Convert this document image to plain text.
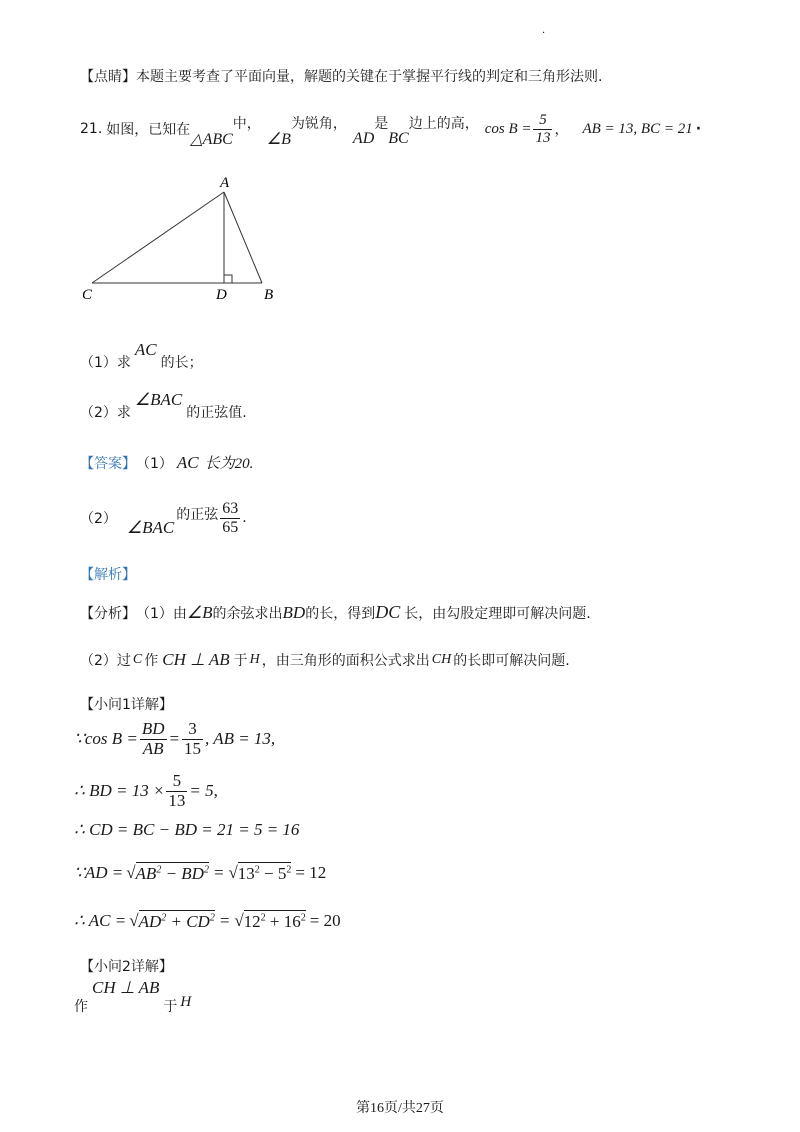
·
【点睛】本题主要考查了平面向量，解题的关键在于掌握平行线的判定和三角形法则.
21. 如图，已知在
△ABC
中，
∠B
为锐角，
AD
是
BC
边上的高， $\cos B = \frac{5}{13}$ ， AB = 13, BC = 21 ·
A
B
C	D
（1）求
AC
的长；
（2）求
∠BAC
的正弦值.
【答案】 （1） AC 长为20.
（2） ∠BAC
的正弦 $\frac{63}{65}$ .
【解析】
【分析】 （1）由 ∠B 的余弦求出 BD 的长，得到 DC 长，由勾股定理即可解决问题.
（2）过 C 作 CH ⊥ AB 于 H ，由三角形的面积公式求出 CH 的长即可解决问题.
【小问1详解】
∵cos $B = \frac{BD}{AB} = \frac{3}{15}$ , AB = 13,
∴ BD = $13 \times \frac{5}{13} = 5$,
∴ CD = BC − BD = 21 = 5 = 16
∵AD = √ $AB^2 - BD^2$ = √ $13^2 - 5^2 = 12$
∴ AC = √ $AD^2 + CD^2$ = √ $12^2 + 16^2 = 20$
【小问2详解】
作
CH ⊥ AB
于 H
第16页/共27页
